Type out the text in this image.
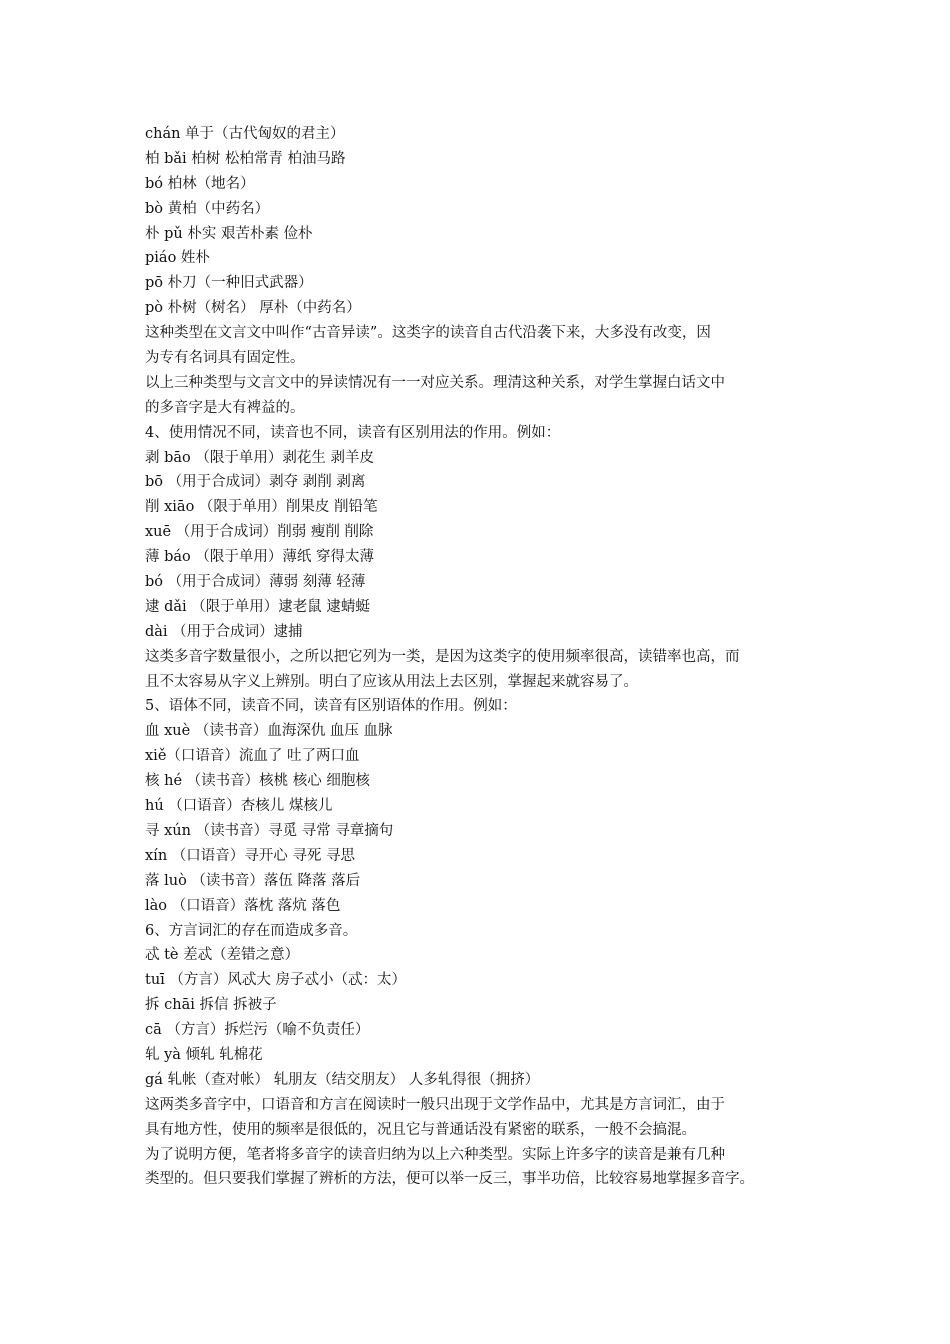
chán 单于（古代匈奴的君主）
柏 bǎi 柏树 松柏常青 柏油马路
bó 柏林（地名）
bò 黄柏（中药名）
朴 pǔ 朴实 艰苦朴素 俭朴
piáo 姓朴
pō 朴刀（一种旧式武器）
pò 朴树（树名） 厚朴（中药名）
这种类型在文言文中叫作“古音异读”。这类字的读音自古代沿袭下来，大多没有改变，因
为专有名词具有固定性。
以上三种类型与文言文中的异读情况有一一对应关系。理清这种关系，对学生掌握白话文中
的多音字是大有裨益的。
4、使用情况不同，读音也不同，读音有区别用法的作用。例如：
剥 bāo （限于单用）剥花生 剥羊皮
bō （用于合成词）剥夺 剥削 剥离
削 xiāo （限于单用）削果皮 削铅笔
xuē （用于合成词）削弱 瘦削 削除
薄 báo （限于单用）薄纸 穿得太薄
bó （用于合成词）薄弱 刻薄 轻薄
逮 dǎi （限于单用）逮老鼠 逮蜻蜓
dài （用于合成词）逮捕
这类多音字数量很小，之所以把它列为一类，是因为这类字的使用频率很高，读错率也高，而
且不太容易从字义上辨别。明白了应该从用法上去区别，掌握起来就容易了。
5、语体不同，读音不同，读音有区别语体的作用。例如：
血 xuè （读书音）血海深仇 血压 血脉
xiě（口语音）流血了 吐了两口血
核 hé （读书音）核桃 核心 细胞核
hú （口语音）杏核儿 煤核儿
寻 xún （读书音）寻觅 寻常 寻章摘句
xín （口语音）寻开心 寻死 寻思
落 luò （读书音）落伍 降落 落后
lào （口语音）落枕 落炕 落色
6、方言词汇的存在而造成多音。
忒 tè 差忒（差错之意）
tuī （方言）风忒大 房子忒小（忒：太）
拆 chāi 拆信 拆被子
cā （方言）拆烂污（喻不负责任）
轧 yà 倾轧 轧棉花
gá 轧帐（查对帐） 轧朋友（结交朋友） 人多轧得很（拥挤）
这两类多音字中，口语音和方言在阅读时一般只出现于文学作品中，尤其是方言词汇，由于
具有地方性，使用的频率是很低的，况且它与普通话没有紧密的联系，一般不会搞混。
为了说明方便，笔者将多音字的读音归纳为以上六种类型。实际上许多字的读音是兼有几种
类型的。但只要我们掌握了辨析的方法，便可以举一反三，事半功倍，比较容易地掌握多音字。
